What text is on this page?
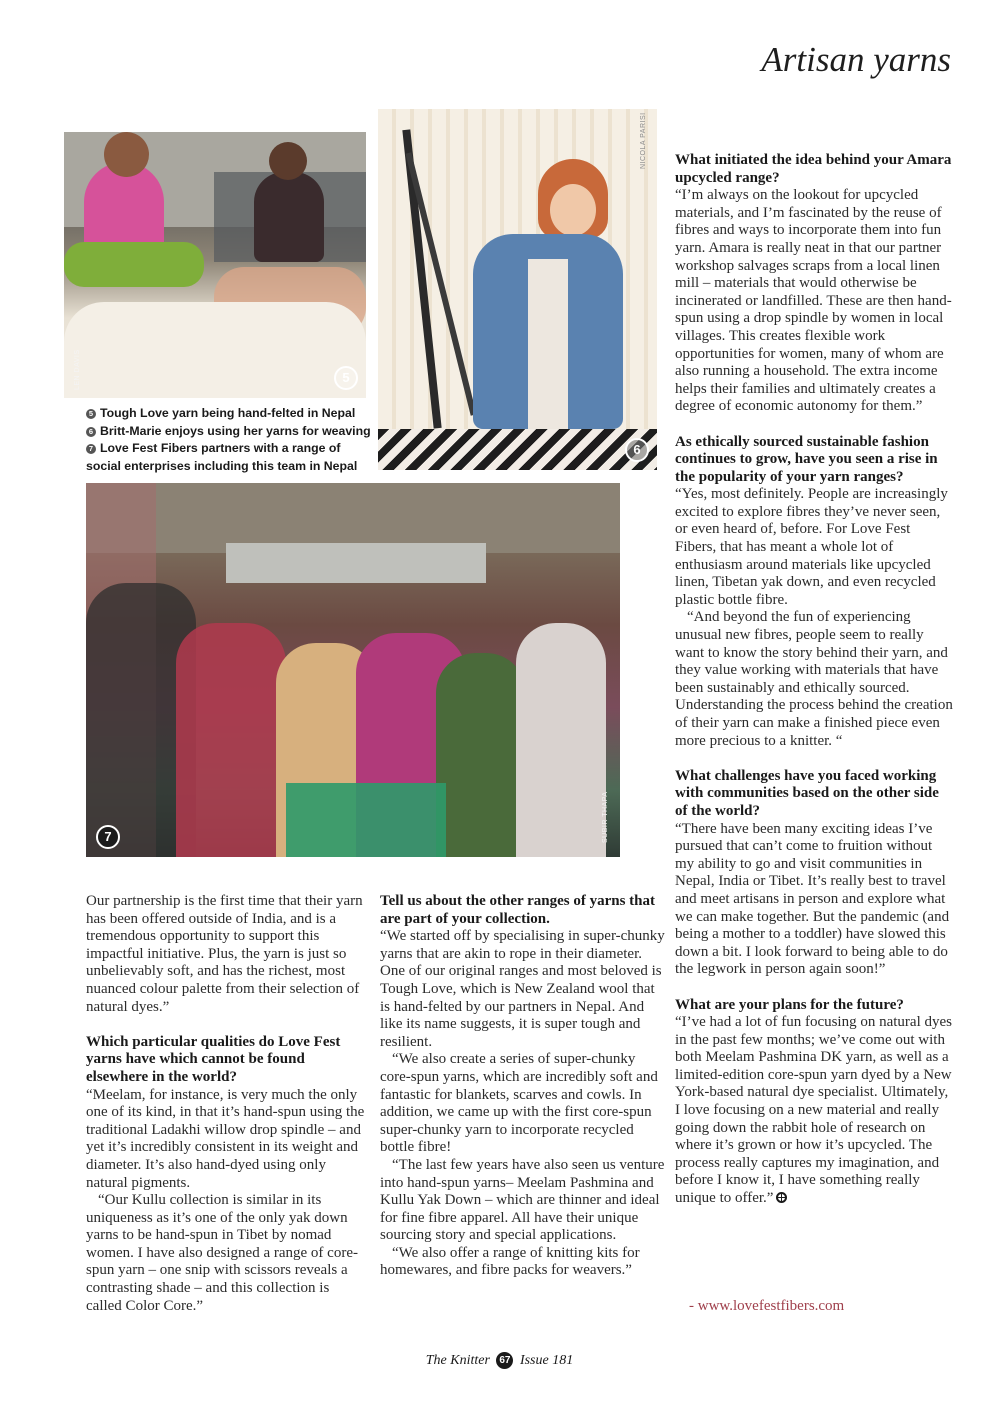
Artisan yarns
LEN DAVIS	5
NICOLA PARISI
6
5 Tough Love yarn being hand-felted in Nepal
6 Britt-Marie enjoys using her yarns for weaving
7 Love Fest Fibers partners with a range of social enterprises including this team in Nepal
SUBIR THAPA
7

Our partnership is the first time that their yarn has been offered outside of India, and is a tremendous opportunity to support this impactful initiative. Plus, the yarn is just so unbelievably soft, and has the richest, most nuanced colour palette from their selection of natural dyes.”

Which particular qualities do Love Fest yarns have which cannot be found elsewhere in the world?

“Meelam, for instance, is very much the only one of its kind, in that it’s hand-spun using the traditional Ladakhi willow drop spindle – and yet it’s incredibly consistent in its weight and diameter. It’s also hand-dyed using only natural pigments.

“Our Kullu collection is similar in its uniqueness as it’s one of the only yak down yarns to be hand-spun in Tibet by nomad women. I have also designed a range of core-spun yarn – one snip with scissors reveals a contrasting shade – and this collection is called Color Core.”

Tell us about the other ranges of yarns that are part of your collection.

“We started off by specialising in super-chunky yarns that are akin to rope in their diameter. One of our original ranges and most beloved is Tough Love, which is New Zealand wool that is hand-felted by our partners in Nepal. And like its name suggests, it is super tough and resilient.

“We also create a series of super-chunky core-spun yarns, which are incredibly soft and fantastic for blankets, scarves and cowls. In addition, we came up with the first core-spun super-chunky yarn to incorporate recycled bottle fibre!

“The last few years have also seen us venture into hand-spun yarns– Meelam Pashmina and Kullu Yak Down – which are thinner and ideal for fine fibre apparel. All have their unique sourcing story and special applications.

“We also offer a range of knitting kits for homewares, and fibre packs for weavers.”

What initiated the idea behind your Amara upcycled range?

“I’m always on the lookout for upcycled materials, and I’m fascinated by the reuse of fibres and ways to incorporate them into fun yarn. Amara is really neat in that our partner workshop salvages scraps from a local linen mill – materials that would otherwise be incinerated or landfilled. These are then hand-spun using a drop spindle by women in local villages. This creates flexible work opportunities for women, many of whom are also running a household. The extra income helps their families and ultimately creates a degree of economic autonomy for them.”

As ethically sourced sustainable fashion continues to grow, have you seen a rise in the popularity of your yarn ranges?

“Yes, most definitely. People are increasingly excited to explore fibres they’ve never seen, or even heard of, before. For Love Fest Fibers, that has meant a whole lot of enthusiasm around materials like upcycled linen, Tibetan yak down, and even recycled plastic bottle fibre.

“And beyond the fun of experiencing unusual new fibres, people seem to really want to know the story behind their yarn, and they value working with materials that have been sustainably and ethically sourced. Understanding the process behind the creation of their yarn can make a finished piece even more precious to a knitter. “

What challenges have you faced working with communities based on the other side of the world?

“There have been many exciting ideas I’ve pursued that can’t come to fruition without my ability to go and visit communities in Nepal, India or Tibet. It’s really best to travel and meet artisans in person and explore what we can make together. But the pandemic (and being a mother to a toddler) have slowed this down a bit. I look forward to being able to do the legwork in person again soon!”

What are your plans for the future?

“I’ve had a lot of fun focusing on natural dyes in the past few months; we’ve come out with both Meelam Pashmina DK yarn, as well as a limited-edition core-spun yarn dyed by a New York-based natural dye specialist. Ultimately, I love focusing on a new material and really going down the rabbit hole of research on where it’s grown or how it’s upcycled. The process really captures my imagination, and before I know it, I have something really unique to offer.”

- www.lovefestfibers.com
The Knitter 67 Issue 181
